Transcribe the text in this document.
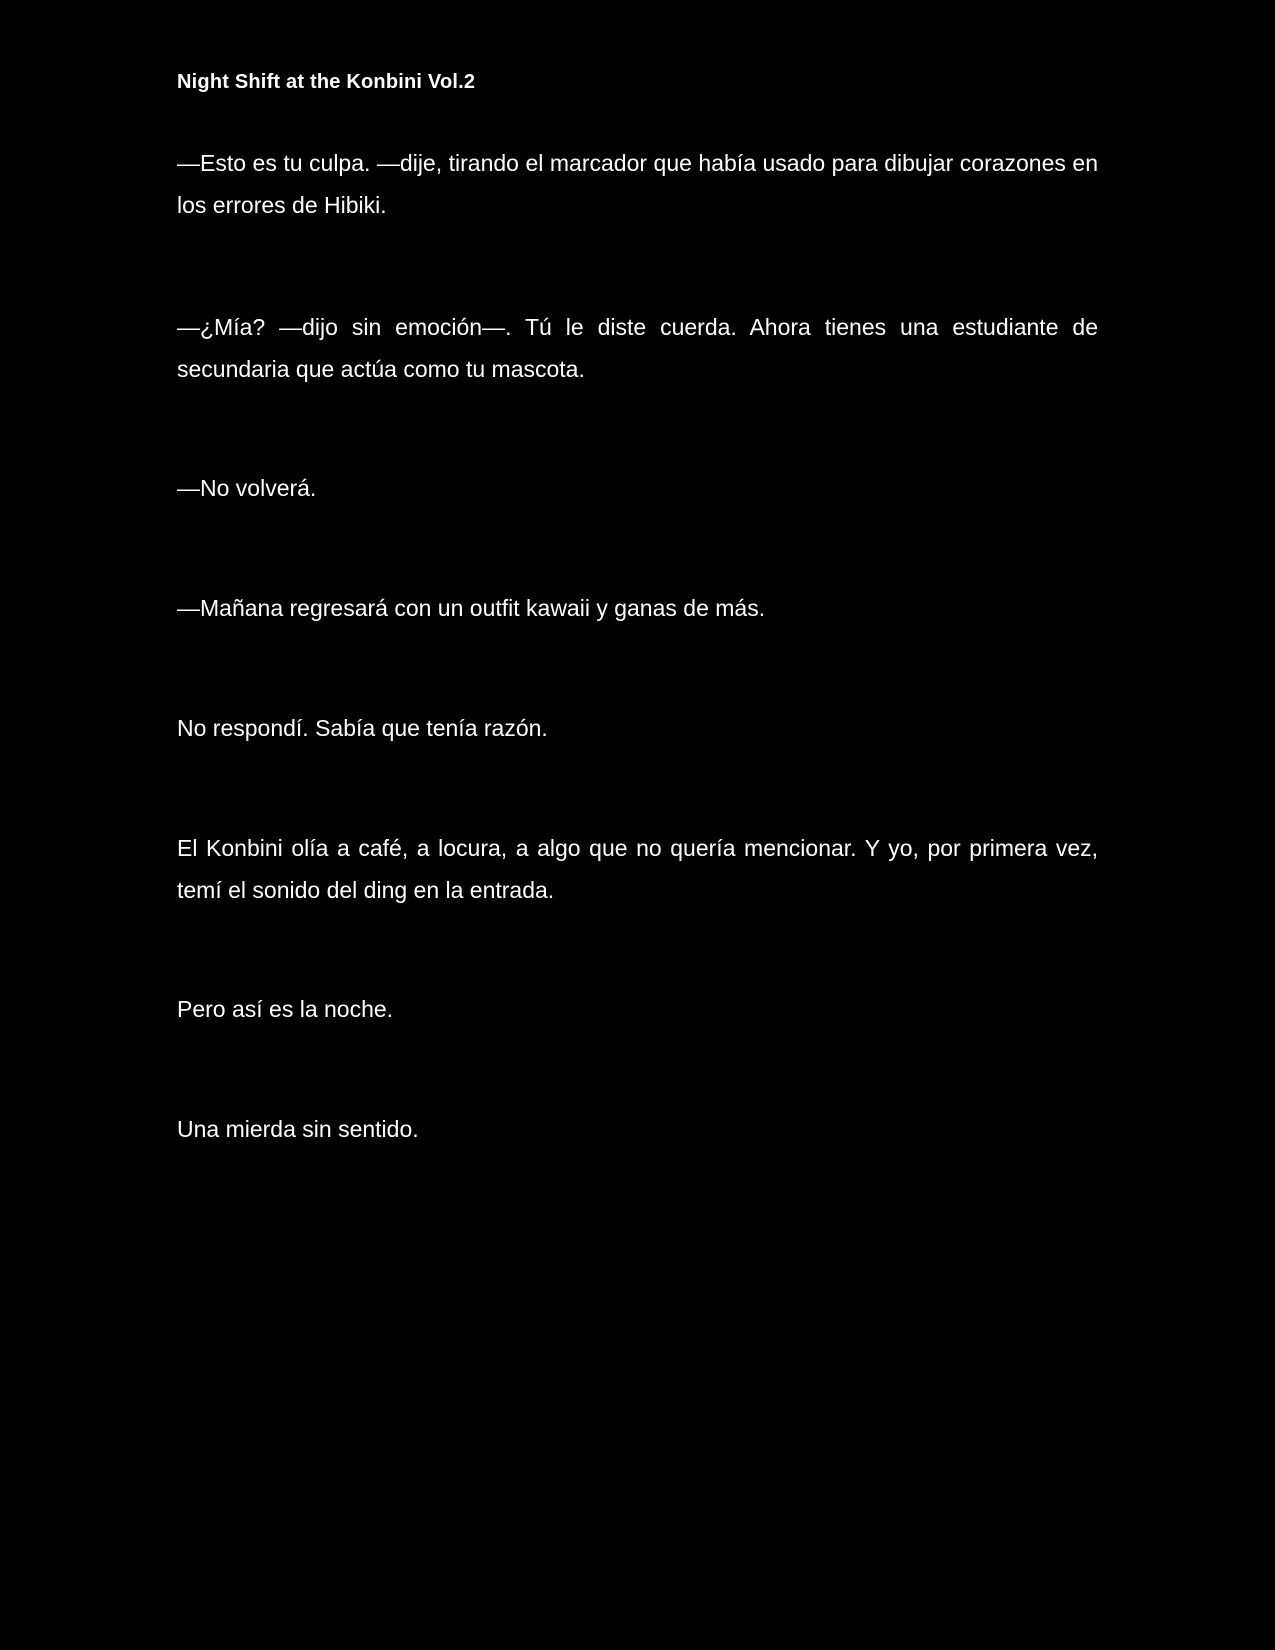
Night Shift at the Konbini Vol.2

—Esto es tu culpa. —dije, tirando el marcador que había usado para dibujar corazones en los errores de Hibiki.

—¿Mía? —dijo sin emoción—. Tú le diste cuerda. Ahora tienes una estudiante de secundaria que actúa como tu mascota.

—No volverá.

—Mañana regresará con un outfit kawaii y ganas de más.

No respondí. Sabía que tenía razón.

El Konbini olía a café, a locura, a algo que no quería mencionar. Y yo, por primera vez, temí el sonido del ding en la entrada.

Pero así es la noche.

Una mierda sin sentido.
